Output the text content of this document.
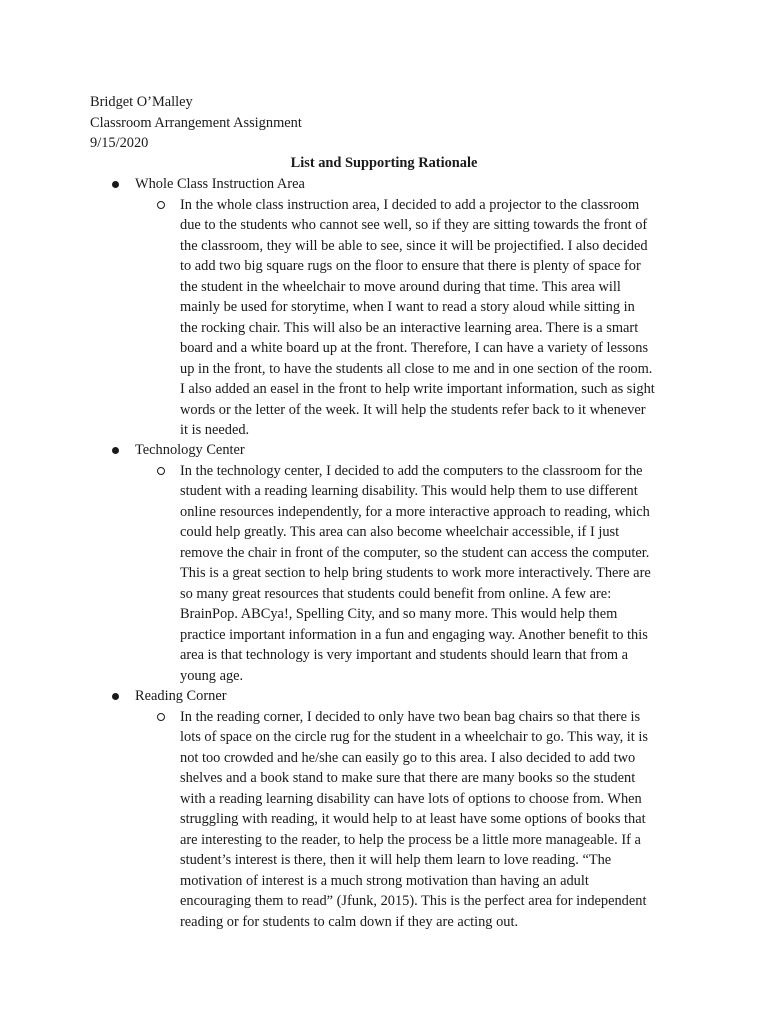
Bridget O’Malley
Classroom Arrangement Assignment
9/15/2020
List and Supporting Rationale
Whole Class Instruction Area
In the whole class instruction area, I decided to add a projector to the classroom
due to the students who cannot see well, so if they are sitting towards the front of
the classroom, they will be able to see, since it will be projectified. I also decided
to add two big square rugs on the floor to ensure that there is plenty of space for
the student in the wheelchair to move around during that time. This area will
mainly be used for storytime, when I want to read a story aloud while sitting in
the rocking chair. This will also be an interactive learning area. There is a smart
board and a white board up at the front. Therefore, I can have a variety of lessons
up in the front, to have the students all close to me and in one section of the room.
I also added an easel in the front to help write important information, such as sight
words or the letter of the week. It will help the students refer back to it whenever
it is needed.
Technology Center
In the technology center, I decided to add the computers to the classroom for the
student with a reading learning disability. This would help them to use different
online resources independently, for a more interactive approach to reading, which
could help greatly. This area can also become wheelchair accessible, if I just
remove the chair in front of the computer, so the student can access the computer.
This is a great section to help bring students to work more interactively. There are
so many great resources that students could benefit from online. A few are:
BrainPop. ABCya!, Spelling City, and so many more. This would help them
practice important information in a fun and engaging way. Another benefit to this
area is that technology is very important and students should learn that from a
young age.
Reading Corner
In the reading corner, I decided to only have two bean bag chairs so that there is
lots of space on the circle rug for the student in a wheelchair to go. This way, it is
not too crowded and he/she can easily go to this area. I also decided to add two
shelves and a book stand to make sure that there are many books so the student
with a reading learning disability can have lots of options to choose from. When
struggling with reading, it would help to at least have some options of books that
are interesting to the reader, to help the process be a little more manageable. If a
student’s interest is there, then it will help them learn to love reading. “The
motivation of interest is a much strong motivation than having an adult
encouraging them to read” (Jfunk, 2015). This is the perfect area for independent
reading or for students to calm down if they are acting out.
